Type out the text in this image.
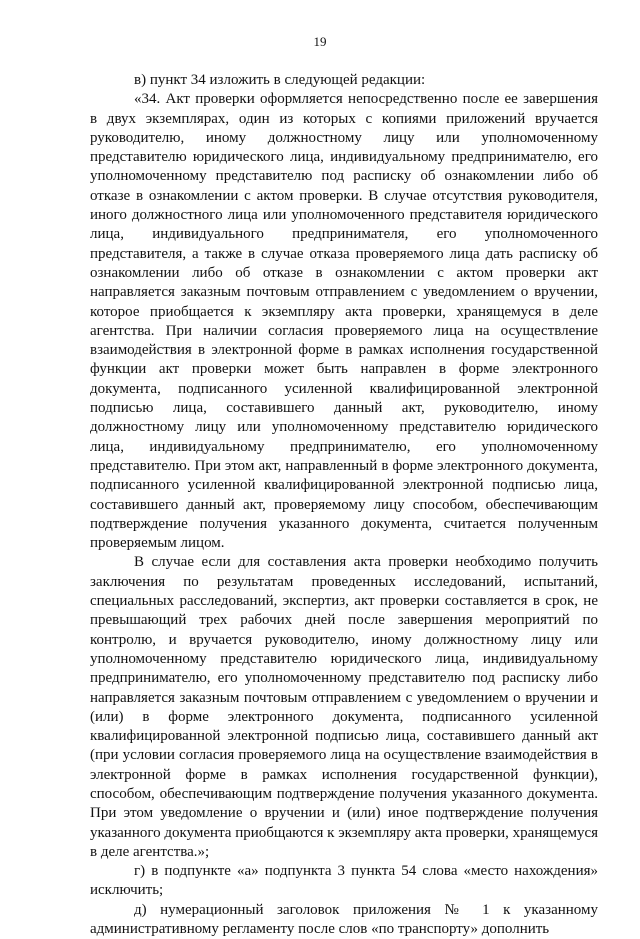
19

в) пункт 34 изложить в следующей редакции:

«34. Акт проверки оформляется непосредственно после ее завершения в двух экземплярах, один из которых с копиями приложений вручается руководителю, иному должностному лицу или уполномоченному представителю юридического лица, индивидуальному предпринимателю, его уполномоченному представителю под расписку об ознакомлении либо об отказе в ознакомлении с актом проверки. В случае отсутствия руководителя, иного должностного лица или уполномоченного представителя юридического лица, индивидуального предпринимателя, его уполномоченного представителя, а также в случае отказа проверяемого лица дать расписку об ознакомлении либо об отказе в ознакомлении с актом проверки акт направляется заказным почтовым отправлением с уведомлением о вручении, которое приобщается к экземпляру акта проверки, хранящемуся в деле агентства. При наличии согласия проверяемого лица на осуществление взаимодействия в электронной форме в рамках исполнения государственной функции акт проверки может быть направлен в форме электронного документа, подписанного усиленной квалифицированной электронной подписью лица, составившего данный акт, руководителю, иному должностному лицу или уполномоченному представителю юридического лица, индивидуальному предпринимателю, его уполномоченному представителю. При этом акт, направленный в форме электронного документа, подписанного усиленной квалифицированной электронной подписью лица, составившего данный акт, проверяемому лицу способом, обеспечивающим подтверждение получения указанного документа, считается полученным проверяемым лицом.

В случае если для составления акта проверки необходимо получить заключения по результатам проведенных исследований, испытаний, специальных расследований, экспертиз, акт проверки составляется в срок, не превышающий трех рабочих дней после завершения мероприятий по контролю, и вручается руководителю, иному должностному лицу или уполномоченному представителю юридического лица, индивидуальному предпринимателю, его уполномоченному представителю под расписку либо направляется заказным почтовым отправлением с уведомлением о вручении и (или) в форме электронного документа, подписанного усиленной квалифицированной электронной подписью лица, составившего данный акт (при условии согласия проверяемого лица на осуществление взаимодействия в электронной форме в рамках исполнения государственной функции), способом, обеспечивающим подтверждение получения указанного документа. При этом уведомление о вручении и (или) иное подтверждение получения указанного документа приобщаются к экземпляру акта проверки, хранящемуся в деле агентства.»;

г) в подпункте «а» подпункта 3 пункта 54 слова «место нахождения» исключить;

д) нумерационный заголовок приложения № 1 к указанному административному регламенту после слов «по транспорту» дополнить
